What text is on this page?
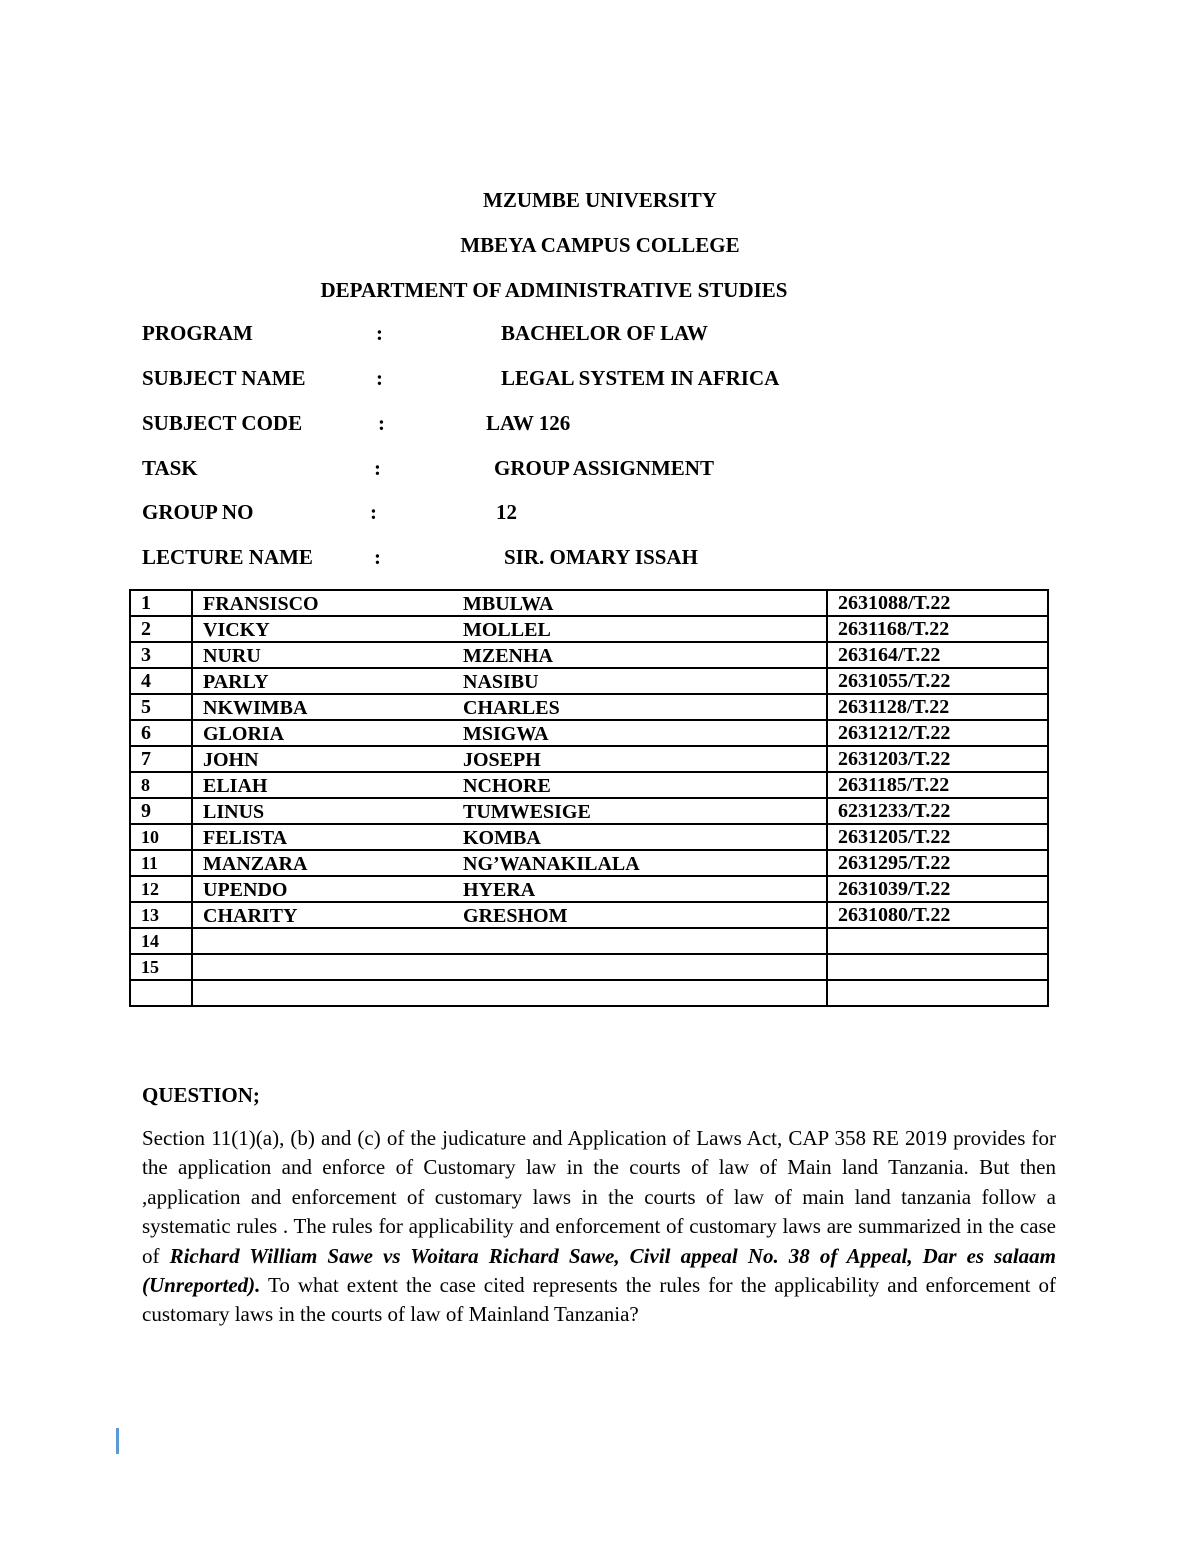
MZUMBE UNIVERSITY
MBEYA CAMPUS COLLEGE
DEPARTMENT OF ADMINISTRATIVE STUDIES
PROGRAM	:	BACHELOR OF LAW
SUBJECT NAME	:	LEGAL SYSTEM IN AFRICA
SUBJECT CODE	:	LAW 126
TASK	:	GROUP ASSIGNMENT
GROUP NO	:	12
LECTURE NAME	:	SIR. OMARY ISSAH
1	FRANSISCO MBULWA	2631088/T.22
2	VICKY MOLLEL	2631168/T.22
3	NURU MZENHA	263164/T.22
4	PARLY NASIBU	2631055/T.22
5	NKWIMBA CHARLES	2631128/T.22
6	GLORIA MSIGWA	2631212/T.22
7	JOHN JOSEPH	2631203/T.22
8	ELIAH NCHORE	2631185/T.22
9	LINUS TUMWESIGE	6231233/T.22
10	FELISTA KOMBA	2631205/T.22
11	MANZARA NG’WANAKILALA	2631295/T.22
12	UPENDO HYERA	2631039/T.22
13	CHARITY GRESHOM	2631080/T.22
14	

15	

QUESTION;

Section 11(1)(a), (b) and (c) of the judicature and Application of Laws Act, CAP 358 RE 2019 provides for the application and enforce of Customary law in the courts of law of Main land Tanzania. But then ,application and enforcement of customary laws in the courts of law of main land tanzania follow a systematic rules . The rules for applicability and enforcement of customary laws are summarized in the case of Richard William Sawe vs Woitara Richard Sawe, Civil appeal No. 38 of Appeal, Dar es salaam (Unreported). To what extent the case cited represents the rules for the applicability and enforcement of customary laws in the courts of law of Mainland Tanzania?
